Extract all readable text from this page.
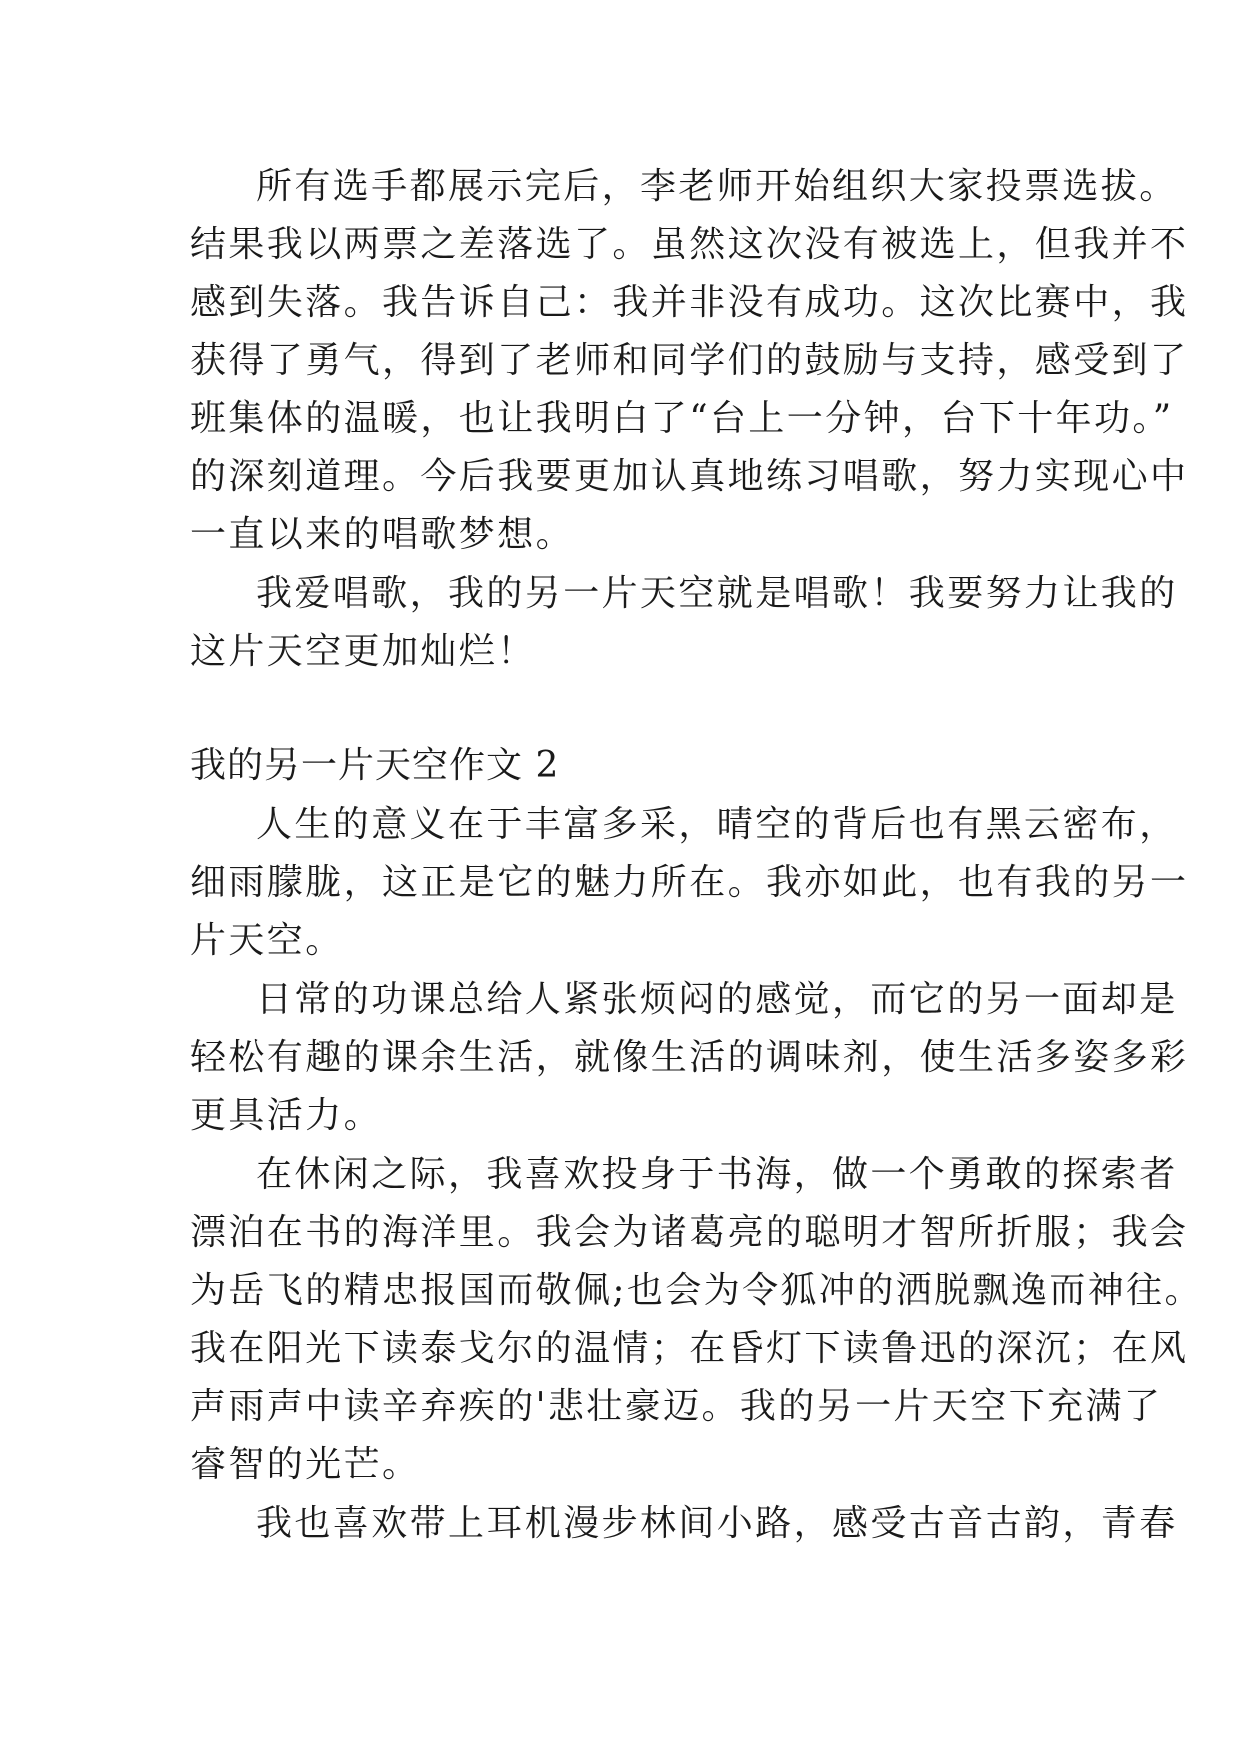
所有选手都展示完后，李老师开始组织大家投票选拔。

结果我以两票之差落选了。虽然这次没有被选上，但我并不

感到失落。我告诉自己：我并非没有成功。这次比赛中，我

获得了勇气，得到了老师和同学们的鼓励与支持，感受到了

班集体的温暖，也让我明白了“台上一分钟，台下十年功。”

的深刻道理。今后我要更加认真地练习唱歌，努力实现心中

一直以来的唱歌梦想。

我爱唱歌，我的另一片天空就是唱歌！我要努力让我的

这片天空更加灿烂！

我的另一片天空作文 2

人生的意义在于丰富多采，晴空的背后也有黑云密布，

细雨朦胧，这正是它的魅力所在。我亦如此，也有我的另一

片天空。

日常的功课总给人紧张烦闷的感觉，而它的另一面却是

轻松有趣的课余生活，就像生活的调味剂，使生活多姿多彩

更具活力。

在休闲之际，我喜欢投身于书海，做一个勇敢的探索者

漂泊在书的海洋里。我会为诸葛亮的聪明才智所折服；我会

为岳飞的精忠报国而敬佩;也会为令狐冲的洒脱飘逸而神往。

我在阳光下读泰戈尔的温情；在昏灯下读鲁迅的深沉；在风

声雨声中读辛弃疾的'悲壮豪迈。我的另一片天空下充满了

睿智的光芒。

我也喜欢带上耳机漫步林间小路，感受古音古韵，青春
